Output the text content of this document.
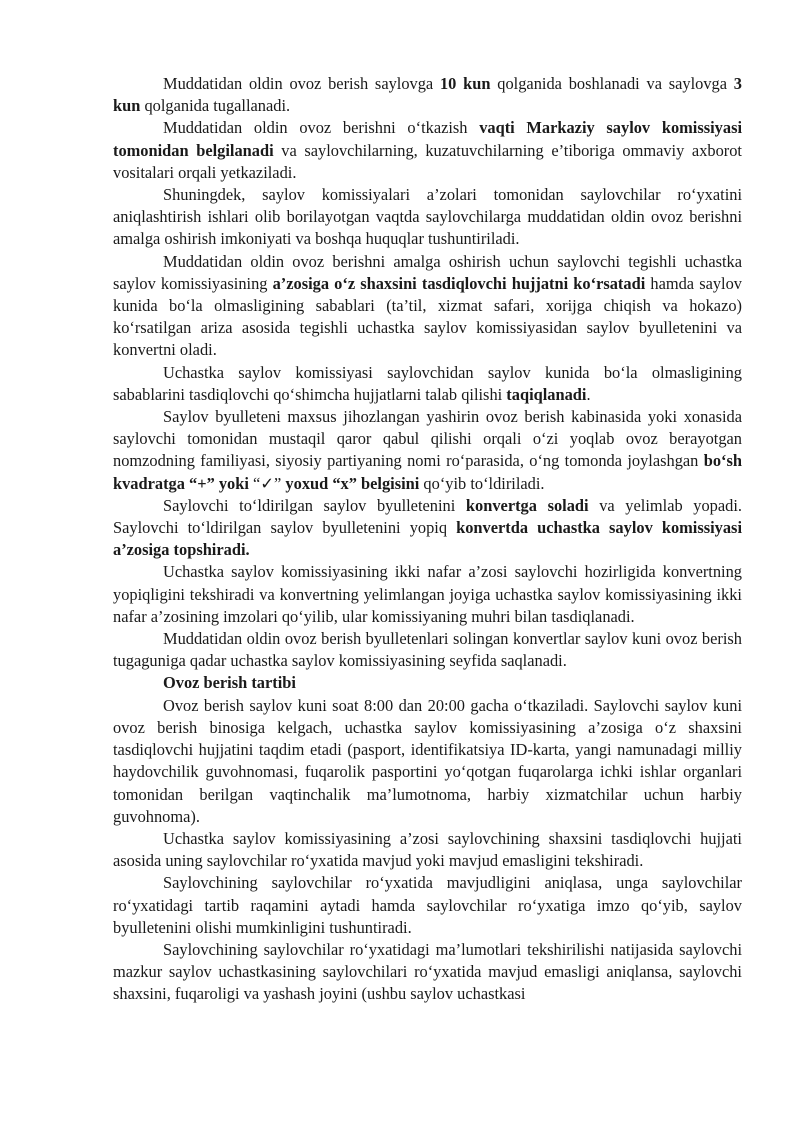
Muddatidan oldin ovoz berish saylovga 10 kun qolganida boshlanadi va saylovga 3 kun qolganida tugallanadi.

Muddatidan oldin ovoz berishni o‘tkazish vaqti Markaziy saylov komissiyasi tomonidan belgilanadi va saylovchilarning, kuzatuvchilarning e’tiboriga ommaviy axborot vositalari orqali yetkaziladi.

Shuningdek, saylov komissiyalari a’zolari tomonidan saylovchilar ro‘yxatini aniqlashtirish ishlari olib borilayotgan vaqtda saylovchilarga muddatidan oldin ovoz berishni amalga oshirish imkoniyati va boshqa huquqlar tushuntiriladi.

Muddatidan oldin ovoz berishni amalga oshirish uchun saylovchi tegishli uchastka saylov komissiyasining a’zosiga o‘z shaxsini tasdiqlovchi hujjatni ko‘rsatadi hamda saylov kunida bo‘la olmasligining sabablari (ta’til, xizmat safari, xorijga chiqish va hokazo) ko‘rsatilgan ariza asosida tegishli uchastka saylov komissiyasidan saylov byulletenini va konvertni oladi.

Uchastka saylov komissiyasi saylovchidan saylov kunida bo‘la olmasligining sabablarini tasdiqlovchi qo‘shimcha hujjatlarni talab qilishi taqiqlanadi.

Saylov byulleteni maxsus jihozlangan yashirin ovoz berish kabinasida yoki xonasida saylovchi tomonidan mustaqil qaror qabul qilishi orqali o‘zi yoqlab ovoz berayotgan nomzodning familiyasi, siyosiy partiyaning nomi ro‘parasida, o‘ng tomonda joylashgan bo‘sh kvadratga “+” yoki “✓” yoxud “x” belgisini qo‘yib to‘ldiriladi.

Saylovchi to‘ldirilgan saylov byulletenini konvertga soladi va yelimlab yopadi. Saylovchi to‘ldirilgan saylov byulletenini yopiq konvertda uchastka saylov komissiyasi a’zosiga topshiradi.

Uchastka saylov komissiyasining ikki nafar a’zosi saylovchi hozirligida konvertning yopiqligini tekshiradi va konvertning yelimlangan joyiga uchastka saylov komissiyasining ikki nafar a’zosining imzolari qo‘yilib, ular komissiyaning muhri bilan tasdiqlanadi.

Muddatidan oldin ovoz berish byulletenlari solingan konvertlar saylov kuni ovoz berish tugaguniga qadar uchastka saylov komissiyasining seyfida saqlanadi.

Ovoz berish tartibi

Ovoz berish saylov kuni soat 8:00 dan 20:00 gacha o‘tkaziladi. Saylovchi saylov kuni ovoz berish binosiga kelgach, uchastka saylov komissiyasining a’zosiga o‘z shaxsini tasdiqlovchi hujjatini taqdim etadi (pasport, identifikatsiya ID-karta, yangi namunadagi milliy haydovchilik guvohnomasi, fuqarolik pasportini yo‘qotgan fuqarolarga ichki ishlar organlari tomonidan berilgan vaqtinchalik ma’lumotnoma, harbiy xizmatchilar uchun harbiy guvohnoma).

Uchastka saylov komissiyasining a’zosi saylovchining shaxsini tasdiqlovchi hujjati asosida uning saylovchilar ro‘yxatida mavjud yoki mavjud emasligini tekshiradi.

Saylovchining saylovchilar ro‘yxatida mavjudligini aniqlasa, unga saylovchilar ro‘yxatidagi tartib raqamini aytadi hamda saylovchilar ro‘yxatiga imzo qo‘yib, saylov byulletenini olishi mumkinligini tushuntiradi.

Saylovchining saylovchilar ro‘yxatidagi ma’lumotlari tekshirilishi natijasida saylovchi mazkur saylov uchastkasining saylovchilari ro‘yxatida mavjud emasligi aniqlansa, saylovchi shaxsini, fuqaroligi va yashash joyini (ushbu saylov uchastkasi
